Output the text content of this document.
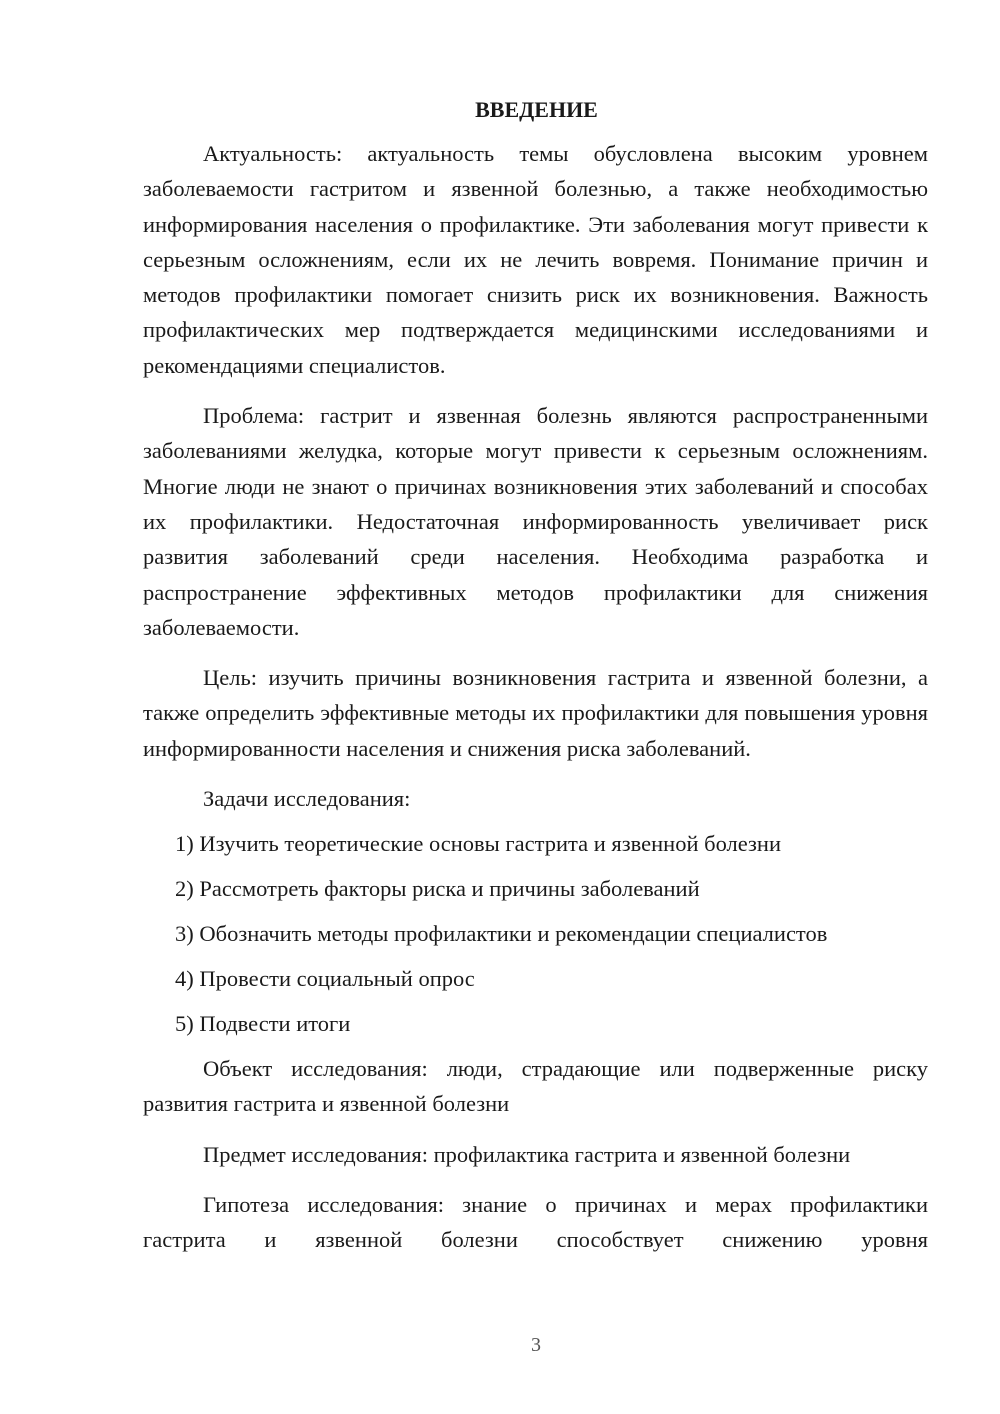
ВВЕДЕНИЕ

Актуальность: актуальность темы обусловлена высоким уровнем заболеваемости гастритом и язвенной болезнью, а также необходимостью информирования населения о профилактике. Эти заболевания могут привести к серьезным осложнениям, если их не лечить вовремя. Понимание причин и методов профилактики помогает снизить риск их возникновения. Важность профилактических мер подтверждается медицинскими исследованиями и рекомендациями специалистов.

Проблема: гастрит и язвенная болезнь являются распространенными заболеваниями желудка, которые могут привести к серьезным осложнениям. Многие люди не знают о причинах возникновения этих заболеваний и способах их профилактики. Недостаточная информированность увеличивает риск развития заболеваний среди населения. Необходима разработка и распространение эффективных методов профилактики для снижения заболеваемости.

Цель: изучить причины возникновения гастрита и язвенной болезни, а также определить эффективные методы их профилактики для повышения уровня информированности населения и снижения риска заболеваний.

Задачи исследования:

1) Изучить теоретические основы гастрита и язвенной болезни
2) Рассмотреть факторы риска и причины заболеваний
3) Обозначить методы профилактики и рекомендации специалистов
4) Провести социальный опрос
5) Подвести итоги

Объект исследования: люди, страдающие или подверженные риску развития гастрита и язвенной болезни

Предмет исследования: профилактика гастрита и язвенной болезни

Гипотеза исследования: знание о причинах и мерах профилактики гастрита и язвенной болезни способствует снижению уровня

3
